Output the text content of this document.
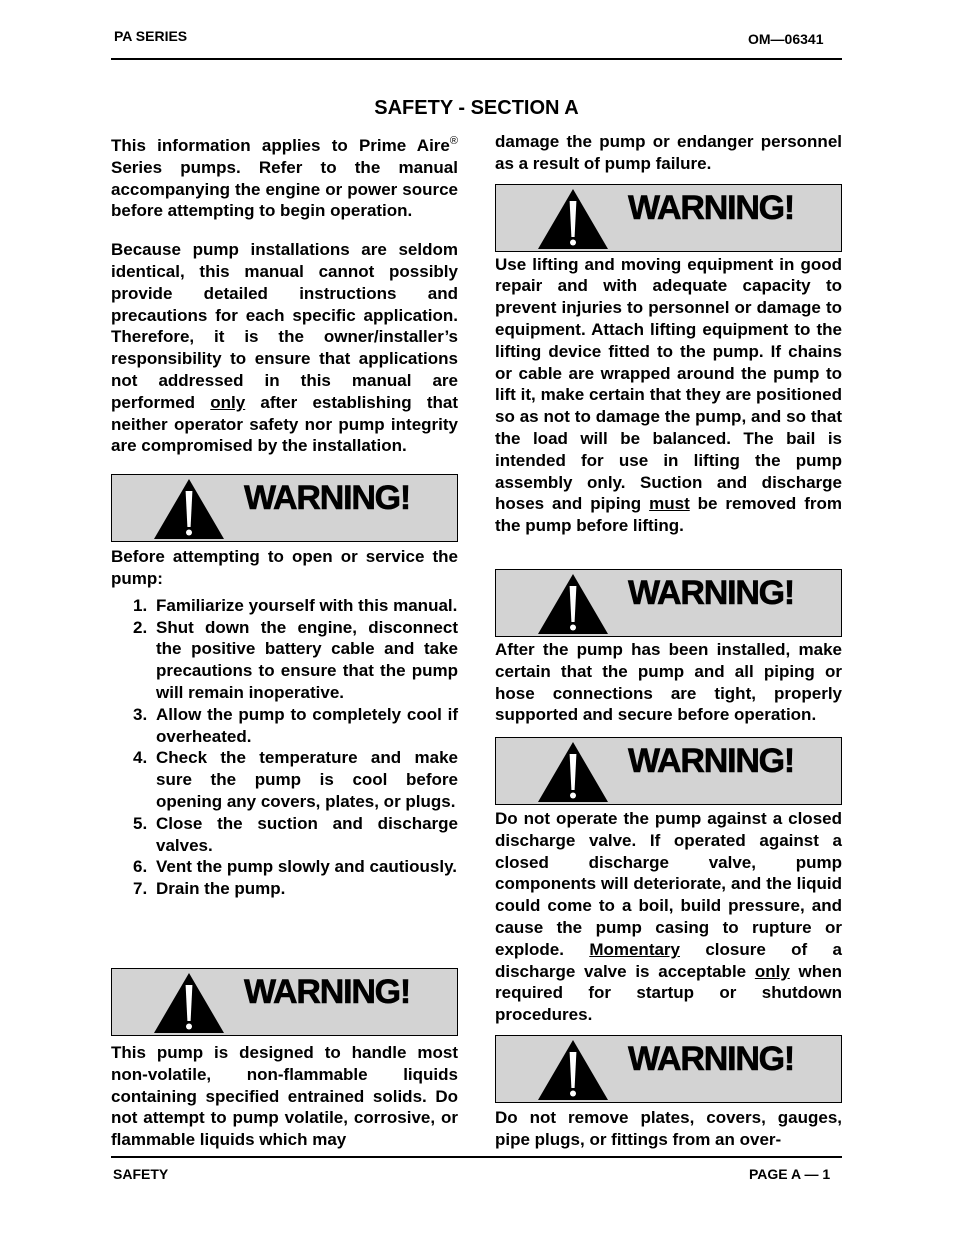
PA SERIES	OM—06341
SAFETY - SECTION A

This information applies to Prime Aire® Series pumps. Refer to the manual accompanying the engine or power source before attempting to begin operation.

Because pump installations are seldom identical, this manual cannot possibly provide detailed instructions and precautions for each specific application. Therefore, it is the owner/installer’s responsibility to ensure that applications not addressed in this manual are performed only after establishing that neither operator safety nor pump integrity are compromised by the installation.

WARNING!

Before attempting to open or service the pump:

1. Familiarize yourself with this manual.
2. Shut down the engine, disconnect the positive battery cable and take precautions to ensure that the pump will remain inoperative.
3. Allow the pump to completely cool if overheated.
4. Check the temperature and make sure the pump is cool before opening any covers, plates, or plugs.
5. Close the suction and discharge valves.
6. Vent the pump slowly and cautiously.
7. Drain the pump.
WARNING!

This pump is designed to handle most non-volatile, non-flammable liquids containing specified entrained solids. Do not attempt to pump volatile, corrosive, or flammable liquids which may

damage the pump or endanger personnel as a result of pump failure.

WARNING!

Use lifting and moving equipment in good repair and with adequate capacity to prevent injuries to personnel or damage to equipment. Attach lifting equipment to the lifting device fitted to the pump. If chains or cable are wrapped around the pump to lift it, make certain that they are positioned so as not to damage the pump, and so that the load will be balanced. The bail is intended for use in lifting the pump assembly only. Suction and discharge hoses and piping must be removed from the pump before lifting.

WARNING!

After the pump has been installed, make certain that the pump and all piping or hose connections are tight, properly supported and secure before operation.

WARNING!

Do not operate the pump against a closed discharge valve. If operated against a closed discharge valve, pump components will deteriorate, and the liquid could come to a boil, build pressure, and cause the pump casing to rupture or explode. Momentary closure of a discharge valve is acceptable only when required for startup or shutdown procedures.

WARNING!

Do not remove plates, covers, gauges, pipe plugs, or fittings from an over-

SAFETY	PAGE A — 1
